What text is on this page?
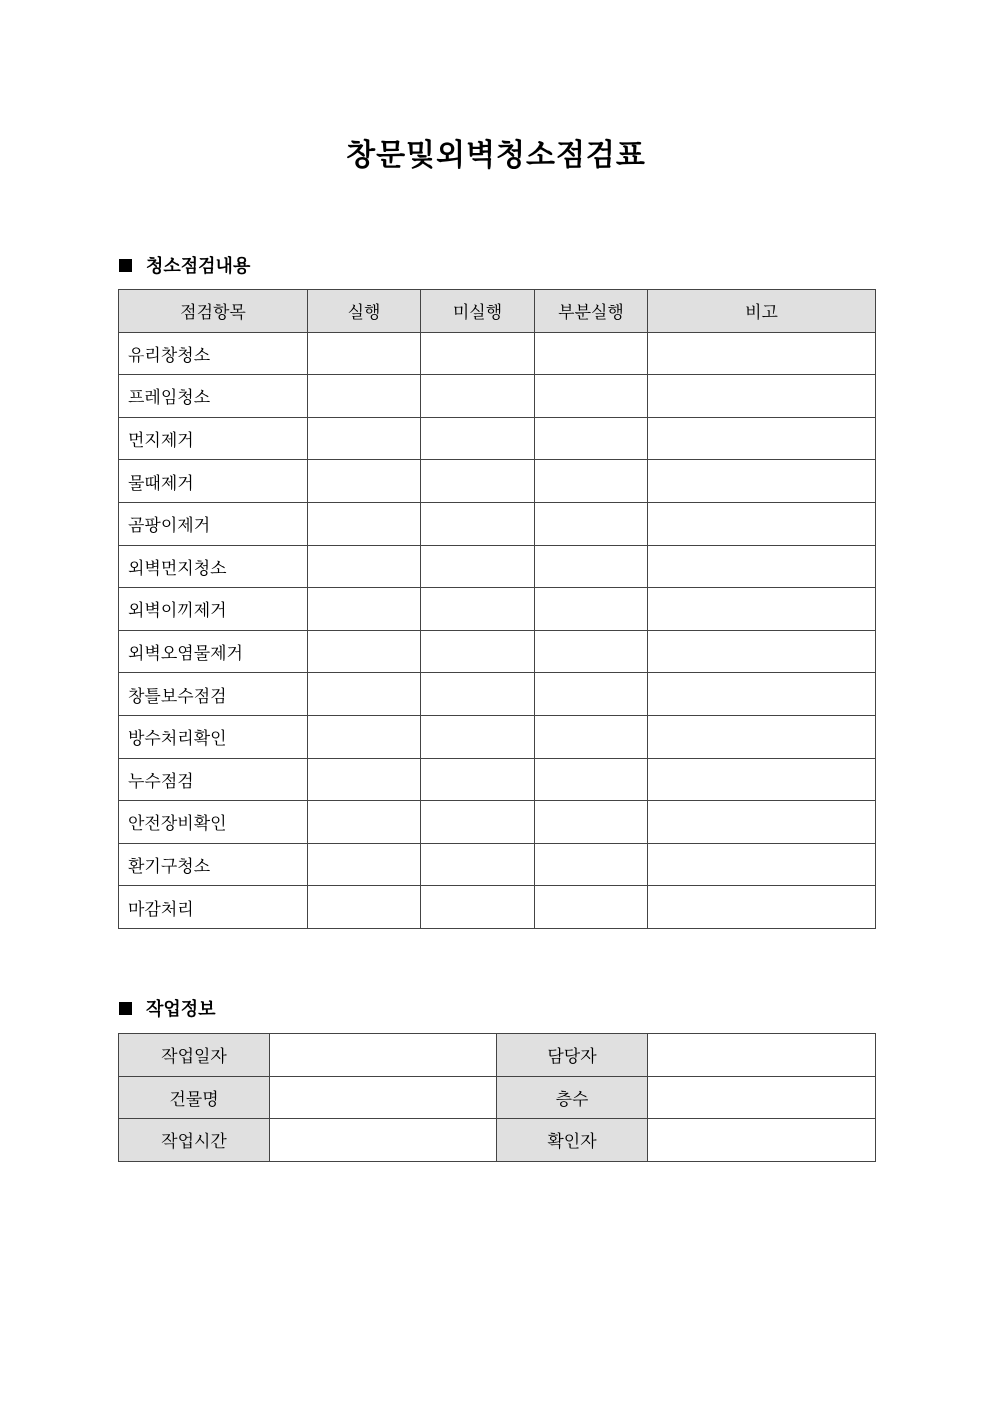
창문및외벽청소점검표
청소점검내용
점검항목	실행	미실행	부분실행	비고
유리창청소				
프레임청소				
먼지제거				
물때제거				
곰팡이제거				
외벽먼지청소				
외벽이끼제거				
외벽오염물제거				
창틀보수점검				
방수처리확인				
누수점검				
안전장비확인				
환기구청소				
마감처리				
작업정보
작업일자		담당자	
건물명		층수	
작업시간		확인자	
